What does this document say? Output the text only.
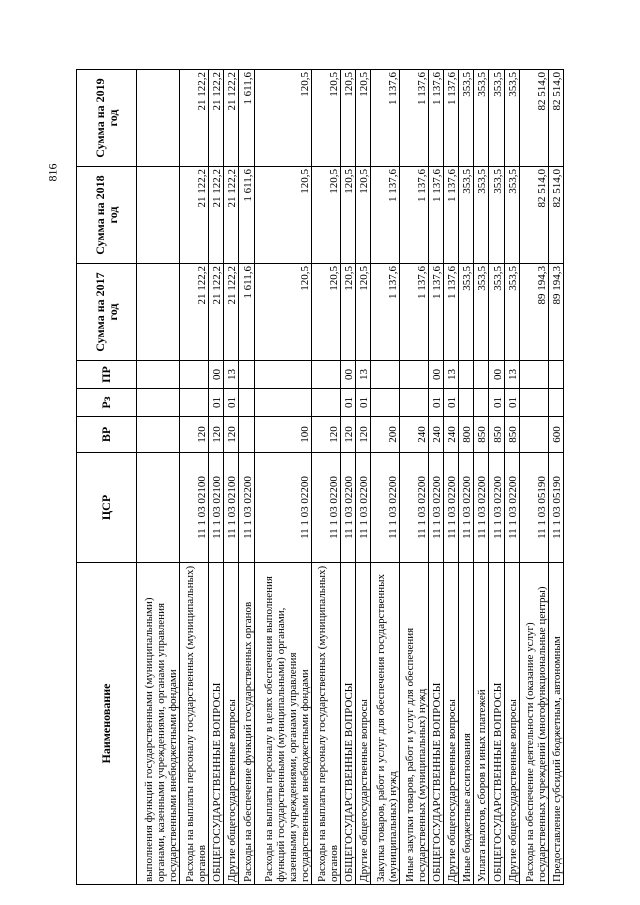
816
Наименование	ЦСР	ВР	Рз	ПР	Сумма на 2017 год	Сумма на 2018 год	Сумма на 2019 год
выполнения функций государственными (муниципальными) органами, казенными учреждениями, органами управления государственными внебюджетными фондами							
Расходы на выплаты персоналу государственных (муниципальных) органов	11 1 03 02100	120			21 122,2	21 122,2	21 122,2
ОБЩЕГОСУДАРСТВЕННЫЕ ВОПРОСЫ	11 1 03 02100	120	01	00	21 122,2	21 122,2	21 122,2
Другие общегосударственные вопросы	11 1 03 02100	120	01	13	21 122,2	21 122,2	21 122,2
Расходы на обеспечение функций государственных органов	11 1 03 02200				1 611,6	1 611,6	1 611,6
Расходы на выплаты персоналу в целях обеспечения выполнения функций государственными (муниципальными) органами, казенными учреждениями, органами управления государственными внебюджетными фондами	11 1 03 02200	100			120,5	120,5	120,5
Расходы на выплаты персоналу государственных (муниципальных) органов	11 1 03 02200	120			120,5	120,5	120,5
ОБЩЕГОСУДАРСТВЕННЫЕ ВОПРОСЫ	11 1 03 02200	120	01	00	120,5	120,5	120,5
Другие общегосударственные вопросы	11 1 03 02200	120	01	13	120,5	120,5	120,5
Закупка товаров, работ и услуг для обеспечения государственных (муниципальных) нужд	11 1 03 02200	200			1 137,6	1 137,6	1 137,6
Иные закупки товаров, работ и услуг для обеспечения государственных (муниципальных) нужд	11 1 03 02200	240			1 137,6	1 137,6	1 137,6
ОБЩЕГОСУДАРСТВЕННЫЕ ВОПРОСЫ	11 1 03 02200	240	01	00	1 137,6	1 137,6	1 137,6
Другие общегосударственные вопросы	11 1 03 02200	240	01	13	1 137,6	1 137,6	1 137,6
Иные бюджетные ассигнования	11 1 03 02200	800			353,5	353,5	353,5
Уплата налогов, сборов и иных платежей	11 1 03 02200	850			353,5	353,5	353,5
ОБЩЕГОСУДАРСТВЕННЫЕ ВОПРОСЫ	11 1 03 02200	850	01	00	353,5	353,5	353,5
Другие общегосударственные вопросы	11 1 03 02200	850	01	13	353,5	353,5	353,5
Расходы на обеспечение деятельности (оказание услуг) государственных учреждений (многофункциональные центры)	11 1 03 05190				89 194,3	82 514,0	82 514,0
Предоставление субсидий бюджетным, автономным	11 1 03 05190	600			89 194,3	82 514,0	82 514,0
